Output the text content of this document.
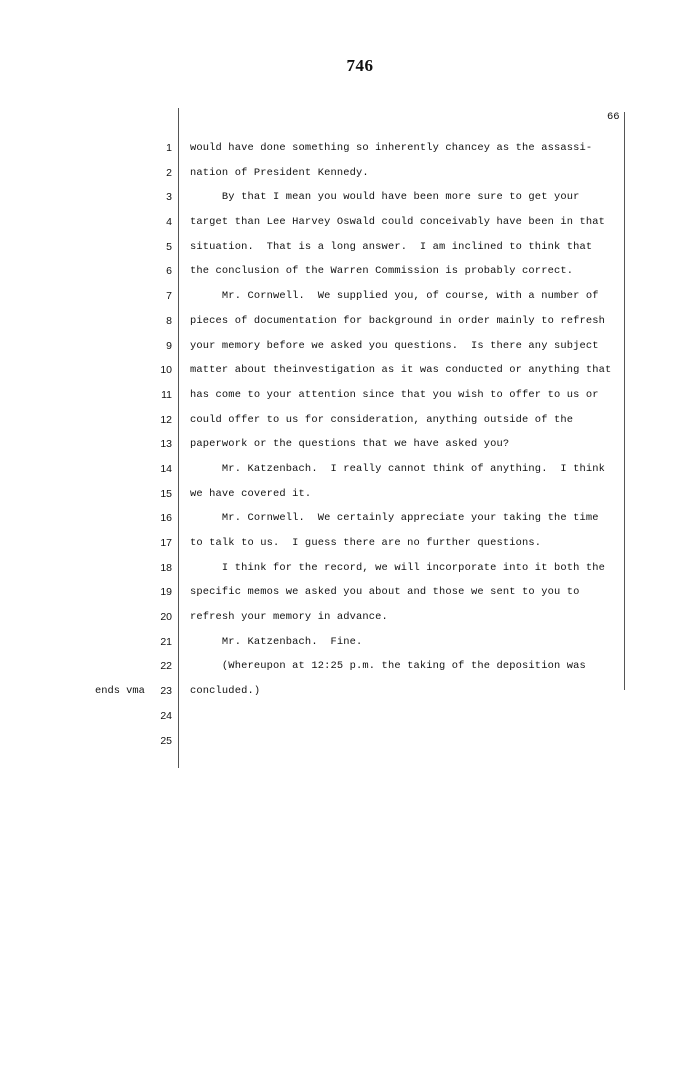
746
66
1 would have done something so inherently chancey as the assassi-
2 nation of President Kennedy.
3 By that I mean you would have been more sure to get your
4 target than Lee Harvey Oswald could conceivably have been in that
5 situation.  That is a long answer.  I am inclined to think that
6 the conclusion of the Warren Commission is probably correct.
7 Mr. Cornwell.  We supplied you, of course, with a number of
8 pieces of documentation for background in order mainly to refresh
9 your memory before we asked you questions.  Is there any subject
10 matter about theinvestigation as it was conducted or anything that
11 has come to your attention since that you wish to offer to us or
12 could offer to us for consideration, anything outside of the
13 paperwork or the questions that we have asked you?
14 Mr. Katzenbach.  I really cannot think of anything.  I think
15 we have covered it.
16 Mr. Cornwell.  We certainly appreciate your taking the time
17 to talk to us.  I guess there are no further questions.
18 I think for the record, we will incorporate into it both the
19 specific memos we asked you about and those we sent to you to
20 refresh your memory in advance.
21 Mr. Katzenbach.  Fine.
22 (Whereupon at 12:25 p.m. the taking of the deposition was
23 concluded.)
ends vma
24
25
